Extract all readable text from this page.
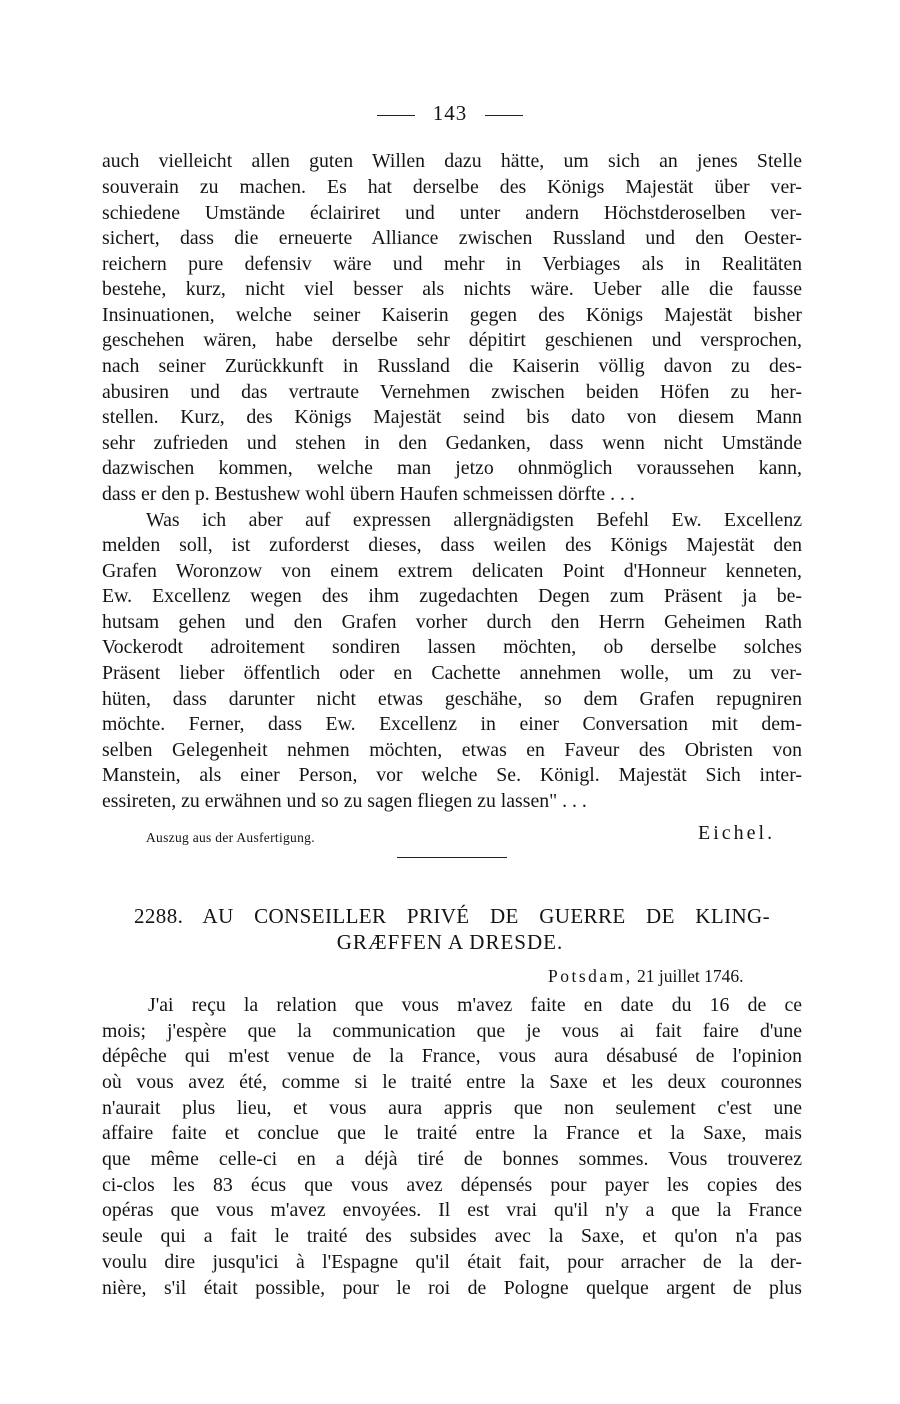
143
auch vielleicht allen guten Willen dazu hätte, um sich an jenes Stelle
souverain zu machen. Es hat derselbe des Königs Majestät über ver-
schiedene Umstände éclairiret und unter andern Höchstderoselben ver-
sichert, dass die erneuerte Alliance zwischen Russland und den Oester-
reichern pure defensiv wäre und mehr in Verbiages als in Realitäten
bestehe, kurz, nicht viel besser als nichts wäre. Ueber alle die fausse
Insinuationen, welche seiner Kaiserin gegen des Königs Majestät bisher
geschehen wären, habe derselbe sehr dépitirt geschienen und versprochen,
nach seiner Zurückkunft in Russland die Kaiserin völlig davon zu des-
abusiren und das vertraute Vernehmen zwischen beiden Höfen zu her-
stellen. Kurz, des Königs Majestät seind bis dato von diesem Mann
sehr zufrieden und stehen in den Gedanken, dass wenn nicht Umstände
dazwischen kommen, welche man jetzo ohnmöglich voraussehen kann,
dass er den p. Bestushew wohl übern Haufen schmeissen dörfte . . .
Was ich aber auf expressen allergnädigsten Befehl Ew. Excellenz
melden soll, ist zuforderst dieses, dass weilen des Königs Majestät den
Grafen Woronzow von einem extrem delicaten Point d'Honneur kenneten,
Ew. Excellenz wegen des ihm zugedachten Degen zum Präsent ja be-
hutsam gehen und den Grafen vorher durch den Herrn Geheimen Rath
Vockerodt adroitement sondiren lassen möchten, ob derselbe solches
Präsent lieber öffentlich oder en Cachette annehmen wolle, um zu ver-
hüten, dass darunter nicht etwas geschähe, so dem Grafen repugniren
möchte. Ferner, dass Ew. Excellenz in einer Conversation mit dem-
selben Gelegenheit nehmen möchten, etwas en Faveur des Obristen von
Manstein, als einer Person, vor welche Se. Königl. Majestät Sich inter-
essireten, zu erwähnen und so zu sagen fliegen zu lassen" . . .
Auszug aus der Ausfertigung.	Eichel.
2288. AU CONSEILLER PRIVÉ DE GUERRE DE KLING-
GRÆFFEN A DRESDE.
Potsdam, 21 juillet 1746.
J'ai reçu la relation que vous m'avez faite en date du 16 de ce
mois; j'espère que la communication que je vous ai fait faire d'une
dépêche qui m'est venue de la France, vous aura désabusé de l'opinion
où vous avez été, comme si le traité entre la Saxe et les deux couronnes
n'aurait plus lieu, et vous aura appris que non seulement c'est une
affaire faite et conclue que le traité entre la France et la Saxe, mais
que même celle-ci en a déjà tiré de bonnes sommes. Vous trouverez
ci-clos les 83 écus que vous avez dépensés pour payer les copies des
opéras que vous m'avez envoyées. Il est vrai qu'il n'y a que la France
seule qui a fait le traité des subsides avec la Saxe, et qu'on n'a pas
voulu dire jusqu'ici à l'Espagne qu'il était fait, pour arracher de la der-
nière, s'il était possible, pour le roi de Pologne quelque argent de plus
